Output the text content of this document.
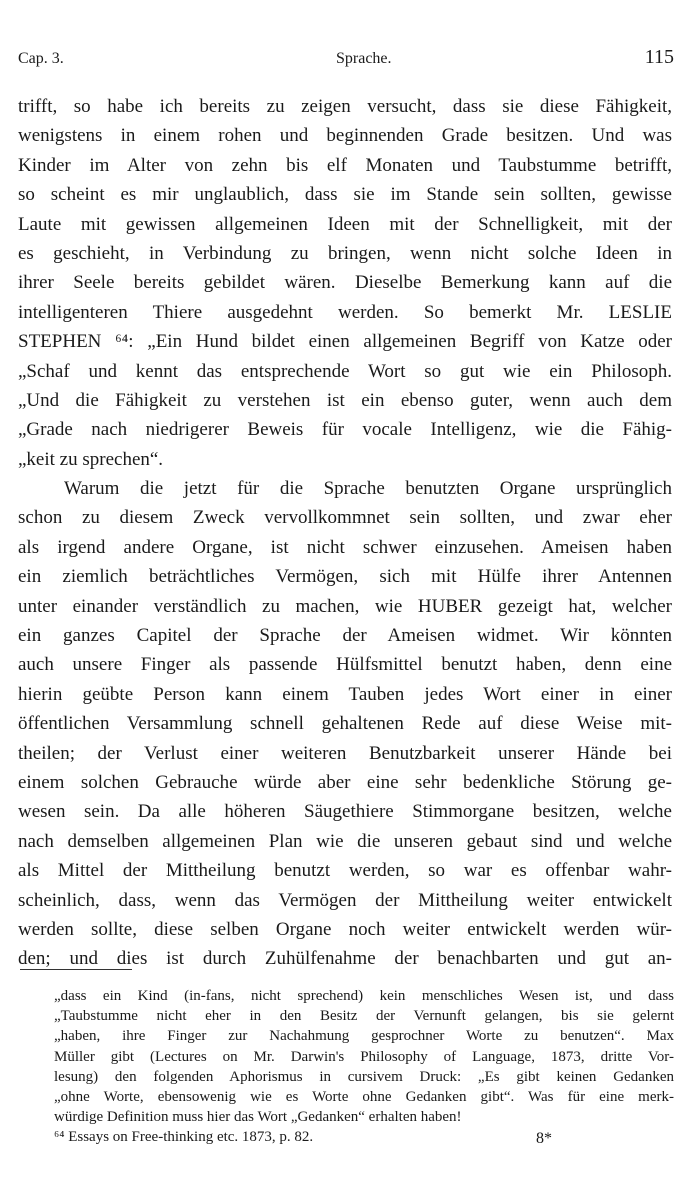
Cap. 3.	Sprache.	115
trifft, so habe ich bereits zu zeigen versucht, dass sie diese Fähigkeit,
wenigstens in einem rohen und beginnenden Grade besitzen. Und was
Kinder im Alter von zehn bis elf Monaten und Taubstumme betrifft,
so scheint es mir unglaublich, dass sie im Stande sein sollten, gewisse
Laute mit gewissen allgemeinen Ideen mit der Schnelligkeit, mit der
es geschieht, in Verbindung zu bringen, wenn nicht solche Ideen in
ihrer Seele bereits gebildet wären. Dieselbe Bemerkung kann auf die
intelligenteren Thiere ausgedehnt werden. So bemerkt Mr. LESLIE
STEPHEN ⁶⁴: „Ein Hund bildet einen allgemeinen Begriff von Katze oder
„Schaf und kennt das entsprechende Wort so gut wie ein Philosoph.
„Und die Fähigkeit zu verstehen ist ein ebenso guter, wenn auch dem
„Grade nach niedrigerer Beweis für vocale Intelligenz, wie die Fähig-
„keit zu sprechen“.
Warum die jetzt für die Sprache benutzten Organe ursprünglich
schon zu diesem Zweck vervollkommnet sein sollten, und zwar eher
als irgend andere Organe, ist nicht schwer einzusehen. Ameisen haben
ein ziemlich beträchtliches Vermögen, sich mit Hülfe ihrer Antennen
unter einander verständlich zu machen, wie HUBER gezeigt hat, welcher
ein ganzes Capitel der Sprache der Ameisen widmet. Wir könnten
auch unsere Finger als passende Hülfsmittel benutzt haben, denn eine
hierin geübte Person kann einem Tauben jedes Wort einer in einer
öffentlichen Versammlung schnell gehaltenen Rede auf diese Weise mit-
theilen; der Verlust einer weiteren Benutzbarkeit unserer Hände bei
einem solchen Gebrauche würde aber eine sehr bedenkliche Störung ge-
wesen sein. Da alle höheren Säugethiere Stimmorgane besitzen, welche
nach demselben allgemeinen Plan wie die unseren gebaut sind und welche
als Mittel der Mittheilung benutzt werden, so war es offenbar wahr-
scheinlich, dass, wenn das Vermögen der Mittheilung weiter entwickelt
werden sollte, diese selben Organe noch weiter entwickelt werden wür-
den; und dies ist durch Zuhülfenahme der benachbarten und gut an-
„dass ein Kind (in-fans, nicht sprechend) kein menschliches Wesen ist, und dass
„Taubstumme nicht eher in den Besitz der Vernunft gelangen, bis sie gelernt
„haben, ihre Finger zur Nachahmung gesprochner Worte zu benutzen“. Max
Müller gibt (Lectures on Mr. Darwin's Philosophy of Language, 1873, dritte Vor-
lesung) den folgenden Aphorismus in cursivem Druck: „Es gibt keinen Gedanken
„ohne Worte, ebensowenig wie es Worte ohne Gedanken gibt“. Was für eine merk-
würdige Definition muss hier das Wort „Gedanken“ erhalten haben!
⁶⁴ Essays on Free-thinking etc. 1873, p. 82.	8*
